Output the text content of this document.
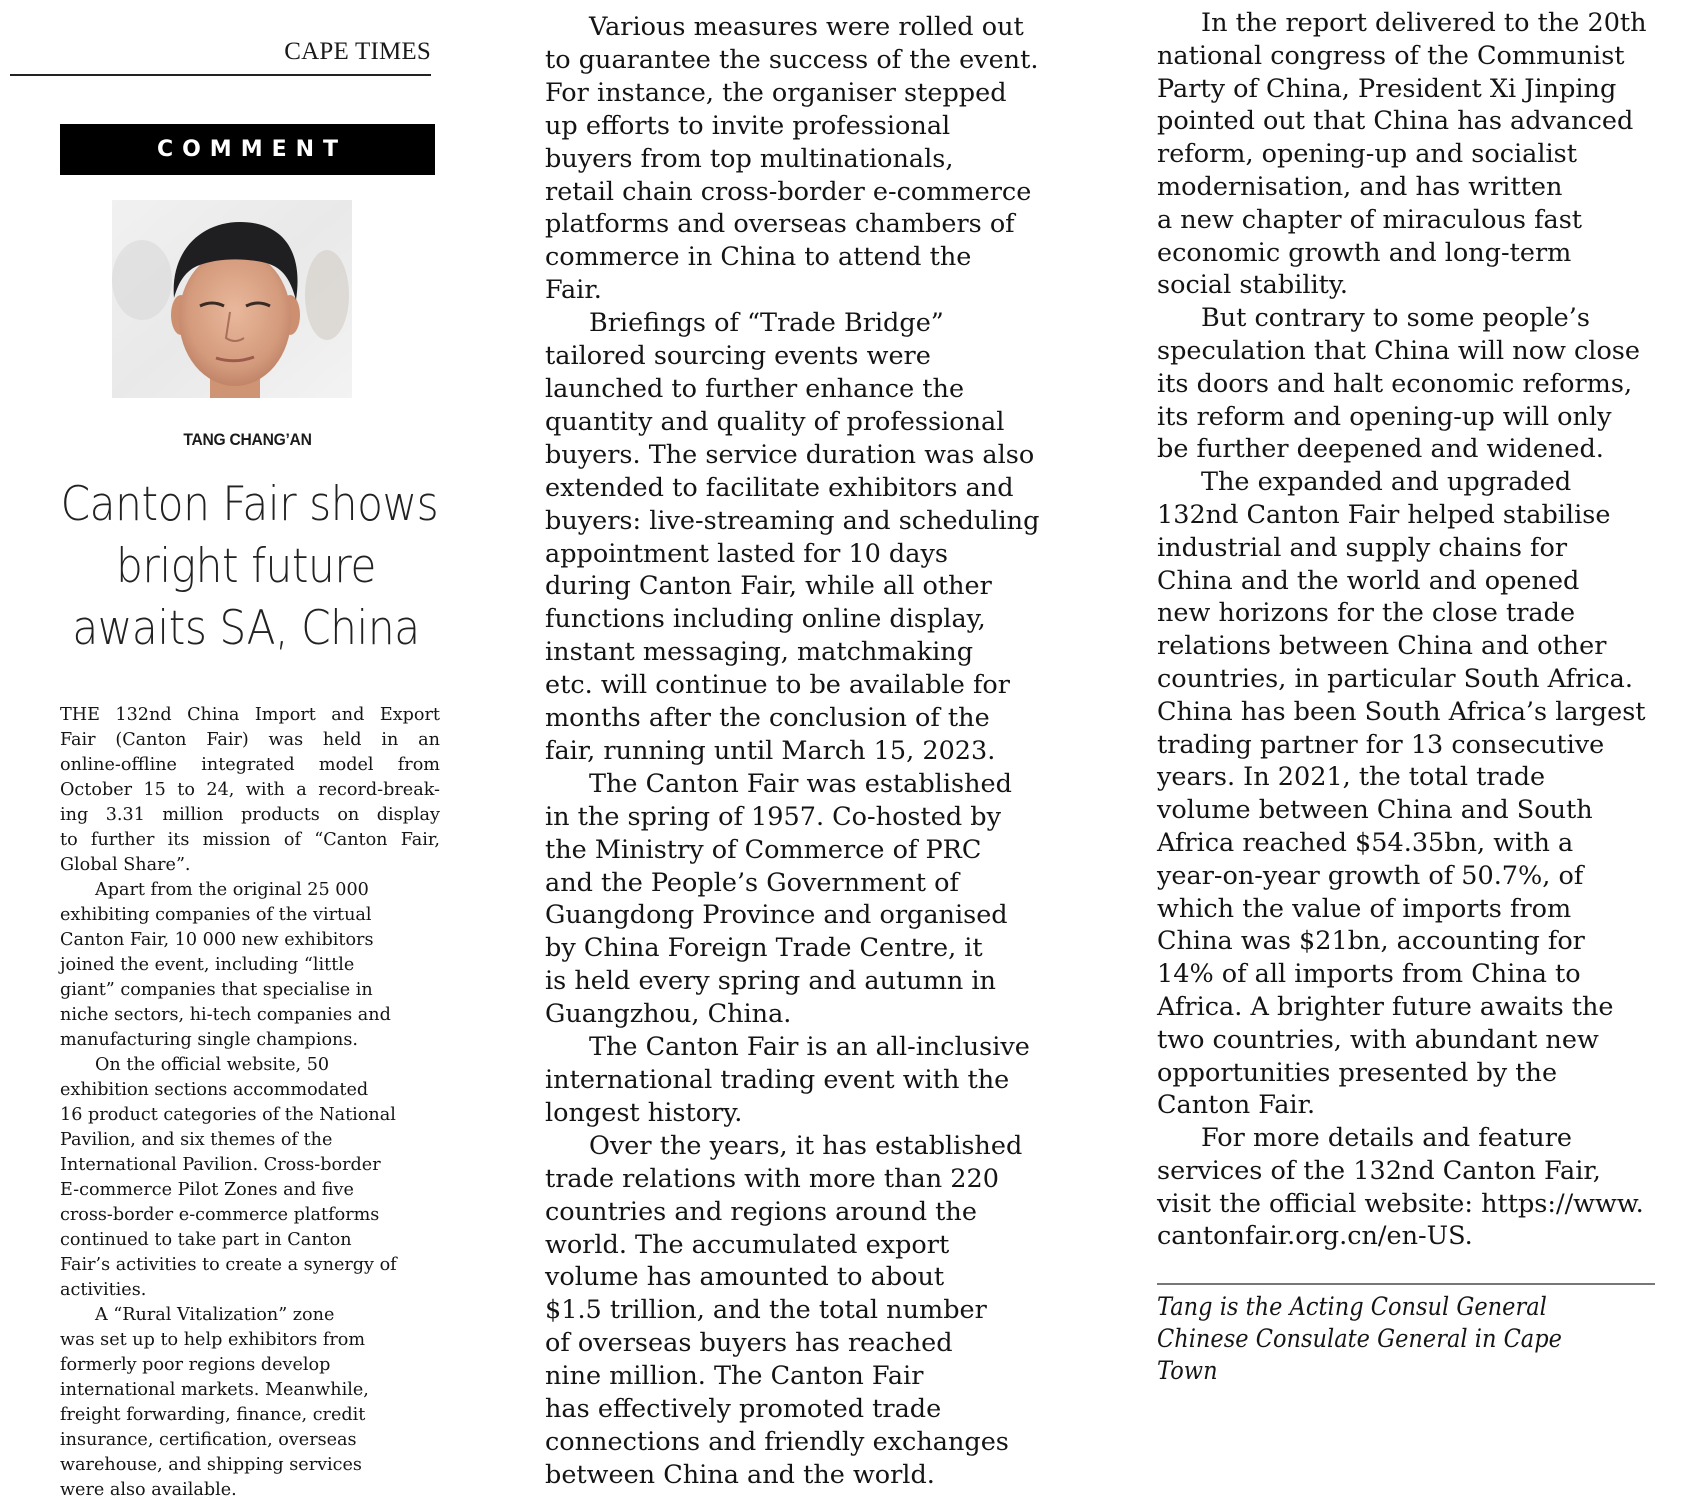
CAPE TIMES
COMMENT
TANG CHANG’AN
Canton Fair shows
bright future
awaits SA, China
THE 132nd China Import and Export
Fair (Canton Fair) was held in an
online-offline integrated model from
October 15 to 24, with a record-break-
ing 3.31 million products on display
to further its mission of “Canton Fair,
Global Share”.
Apart from the original 25 000
exhibiting companies of the virtual
Canton Fair, 10 000 new exhibitors
joined the event, including “little
giant” companies that specialise in
niche sectors, hi-tech companies and
manufacturing single champions.
On the official website, 50
exhibition sections accommodated
16 product categories of the National
Pavilion, and six themes of the
International Pavilion. Cross-border
E-commerce Pilot Zones and five
cross-border e-commerce platforms
continued to take part in Canton
Fair’s activities to create a synergy of
activities.
A “Rural Vitalization” zone
was set up to help exhibitors from
formerly poor regions develop
international markets. Meanwhile,
freight forwarding, finance, credit
insurance, certification, overseas
warehouse, and shipping services
were also available.
Various measures were rolled out
to guarantee the success of the event.
For instance, the organiser stepped
up efforts to invite professional
buyers from top multinationals,
retail chain cross-border e-commerce
platforms and overseas chambers of
commerce in China to attend the
Fair.
Briefings of “Trade Bridge”
tailored sourcing events were
launched to further enhance the
quantity and quality of professional
buyers. The service duration was also
extended to facilitate exhibitors and
buyers: live-streaming and scheduling
appointment lasted for 10 days
during Canton Fair, while all other
functions including online display,
instant messaging, matchmaking
etc. will continue to be available for
months after the conclusion of the
fair, running until March 15, 2023.
The Canton Fair was established
in the spring of 1957. Co-hosted by
the Ministry of Commerce of PRC
and the People’s Government of
Guangdong Province and organised
by China Foreign Trade Centre, it
is held every spring and autumn in
Guangzhou, China.
The Canton Fair is an all-inclusive
international trading event with the
longest history.
Over the years, it has established
trade relations with more than 220
countries and regions around the
world. The accumulated export
volume has amounted to about
$1.5 trillion, and the total number
of overseas buyers has reached
nine million. The Canton Fair
has effectively promoted trade
connections and friendly exchanges
between China and the world.
In the report delivered to the 20th
national congress of the Communist
Party of China, President Xi Jinping
pointed out that China has advanced
reform, opening-up and socialist
modernisation, and has written
a new chapter of miraculous fast
economic growth and long-term
social stability.
But contrary to some people’s
speculation that China will now close
its doors and halt economic reforms,
its reform and opening-up will only
be further deepened and widened.
The expanded and upgraded
132nd Canton Fair helped stabilise
industrial and supply chains for
China and the world and opened
new horizons for the close trade
relations between China and other
countries, in particular South Africa.
China has been South Africa’s largest
trading partner for 13 consecutive
years. In 2021, the total trade
volume between China and South
Africa reached $54.35bn, with a
year-on-year growth of 50.7%, of
which the value of imports from
China was $21bn, accounting for
14% of all imports from China to
Africa. A brighter future awaits the
two countries, with abundant new
opportunities presented by the
Canton Fair.
For more details and feature
services of the 132nd Canton Fair,
visit the official website: https://www.
cantonfair.org.cn/en-US.
Tang is the Acting Consul General
Chinese Consulate General in Cape
Town
